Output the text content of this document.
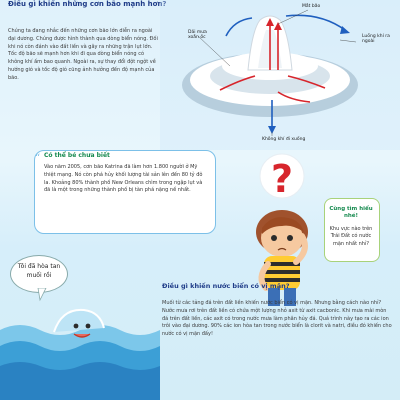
Điều gì khiến những cơn bão mạnh hơn?
Chúng ta đang nhắc đến những cơn bão lớn diễn ra ngoài đại dương. Chúng được hình thành qua dòng biển nóng. Đối khi nó còn đánh vào đất liền và gây ra những trận lụt lớn. Tốc độ bão sẽ mạnh hơn khi đi qua dòng biển nóng có không khí ấm bao quanh. Ngoài ra, sự thay đổi đột ngột về hướng gió và tốc độ gió cũng ảnh hưởng đến độ mạnh của bão.
Mắt bão
Dải mưa xoắn ốc	Luồng khí ra ngoài
Không khí đi xuống
“ Có thể bé chưa biết
Vào năm 2005, cơn bão Katrina đã làm hơn 1.800 người ở Mỹ thiệt mạng. Nó còn phá hủy khối lượng tài sản lên đến 80 tỷ đô la. Khoảng 80% thành phố New Orleans chìm trong ngập lụt và đã là một trong những thành phố bị tàn phá nặng nề nhất.	?
Cùng tìm hiểu nhé!
Khu vực nào trên Trái Đất có nước mặn nhất nhỉ?
Tôi đã hòa tan muối rồi
Điều gì khiến nước biển có vị mặn?
Muối từ các tảng đá trên đất liền khiến nước biển có vị mặn. Nhưng bằng cách nào nhỉ? Nước mưa rơi trên đất liền có chứa một lượng nhỏ axit từ axit cacbonic. Khi mưa mài mòn đá trên đất liền, các axit có trong nước mưa làm phân hủy đá. Quá trình này tạo ra các ion trôi vào đại dương. 90% các ion hòa tan trong nước biển là clorit và natri, điều đó khiến cho nước có vị mặn đấy!
